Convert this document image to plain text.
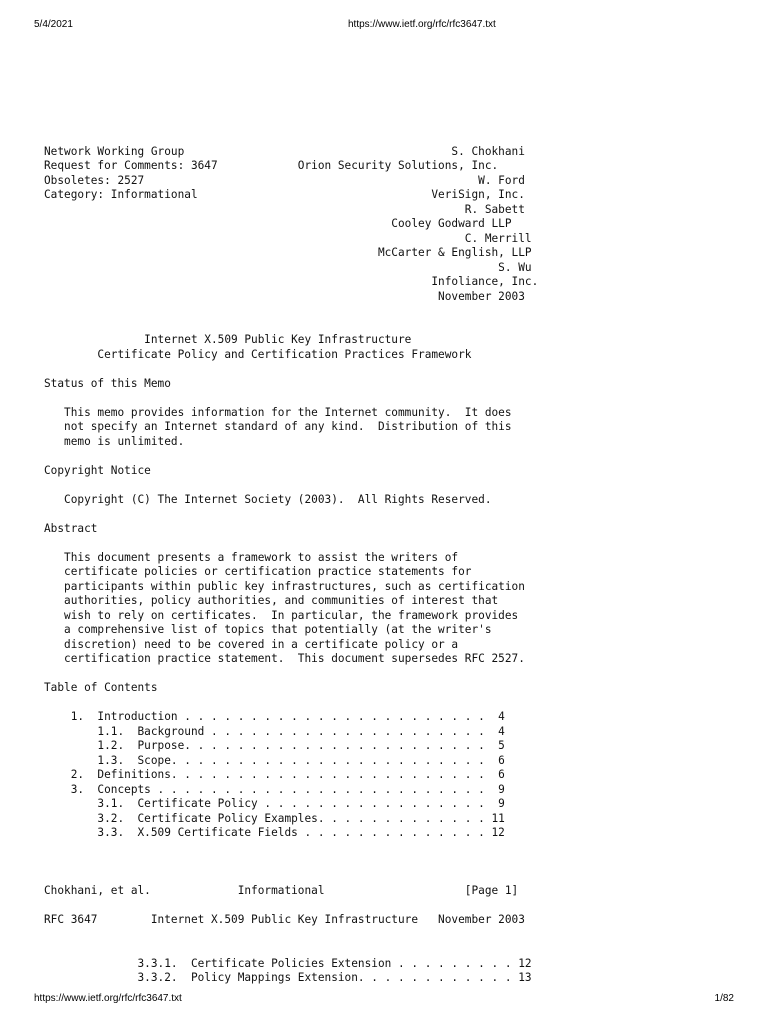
5/4/2021	https://www.ietf.org/rfc/rfc3647.txt

Network Working Group                                        S. Chokhani
Request for Comments: 3647            Orion Security Solutions, Inc.
Obsoletes: 2527                                                  W. Ford
Category: Informational                                   VeriSign, Inc.
R. Sabett
Cooley Godward LLP
C. Merrill
McCarter & English, LLP
S. Wu
Infoliance, Inc.
November 2003

Internet X.509 Public Key Infrastructure
Certificate Policy and Certification Practices Framework

Status of this Memo

This memo provides information for the Internet community.  It does
not specify an Internet standard of any kind.  Distribution of this
memo is unlimited.

Copyright Notice

Copyright (C) The Internet Society (2003).  All Rights Reserved.

Abstract

This document presents a framework to assist the writers of
certificate policies or certification practice statements for
participants within public key infrastructures, such as certification
authorities, policy authorities, and communities of interest that
wish to rely on certificates.  In particular, the framework provides
a comprehensive list of topics that potentially (at the writer's
discretion) need to be covered in a certificate policy or a
certification practice statement.  This document supersedes RFC 2527.

Table of Contents

1.  Introduction . . . . . . . . . . . . . . . . . . . . . . .  4
1.1.  Background . . . . . . . . . . . . . . . . . . . . .  4
1.2.  Purpose. . . . . . . . . . . . . . . . . . . . . . .  5
1.3.  Scope. . . . . . . . . . . . . . . . . . . . . . . .  6
2.  Definitions. . . . . . . . . . . . . . . . . . . . . . . .  6
3.  Concepts . . . . . . . . . . . . . . . . . . . . . . . . .  9
3.1.  Certificate Policy . . . . . . . . . . . . . . . . .  9
3.2.  Certificate Policy Examples. . . . . . . . . . . . . 11
3.3.  X.509 Certificate Fields . . . . . . . . . . . . . . 12

Chokhani, et al.             Informational                     [Page 1]

RFC 3647        Internet X.509 Public Key Infrastructure   November 2003

3.3.1.  Certificate Policies Extension . . . . . . . . . 12
3.3.2.  Policy Mappings Extension. . . . . . . . . . . . 13
https://www.ietf.org/rfc/rfc3647.txt	1/82
